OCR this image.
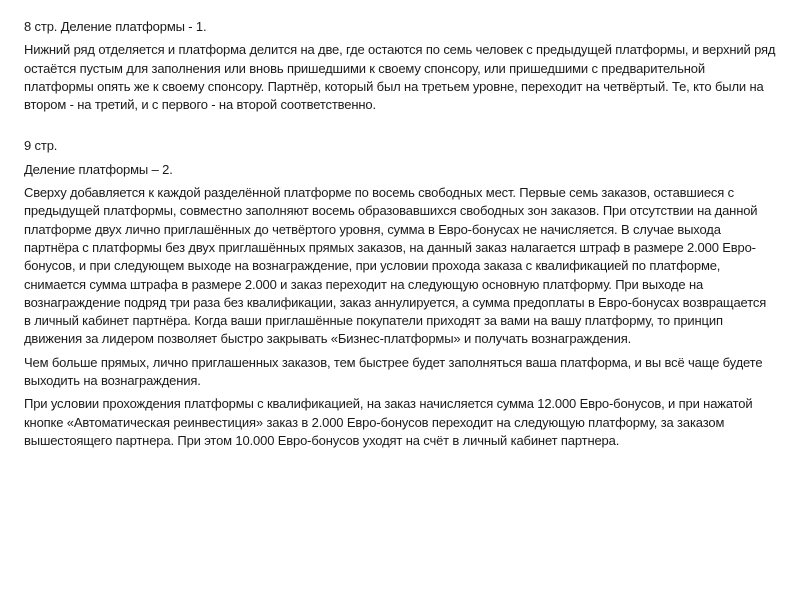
8 стр. Деление платформы - 1.

Нижний ряд отделяется и платформа делится на две, где остаются по семь человек с предыдущей платформы, и верхний ряд остаётся пустым для заполнения или вновь пришедшими к своему спонсору, или пришедшими с предварительной платформы опять же к своему спонсору. Партнёр, который был на третьем уровне, переходит на четвёртый. Те, кто были на втором - на третий, и с первого - на второй соответственно.

9 стр.

Деление платформы – 2.

Сверху добавляется к каждой разделённой платформе по восемь свободных мест. Первые семь заказов, оставшиеся с предыдущей платформы, совместно заполняют восемь образовавшихся свободных зон заказов. При отсутствии на данной платформе двух лично приглашённых до четвёртого уровня, сумма в Евро-бонусах не начисляется. В случае выхода партнёра с платформы без двух приглашённых прямых заказов, на данный заказ налагается штраф в размере 2.000 Евро-бонусов, и при следующем выходе на вознаграждение, при условии прохода заказа с квалификацией по платформе, снимается сумма штрафа в размере 2.000 и заказ переходит на следующую основную платформу. При выходе на вознаграждение подряд три раза без квалификации, заказ аннулируется, а сумма предоплаты в Евро-бонусах возвращается в личный кабинет партнёра. Когда ваши приглашённые покупатели приходят за вами на вашу платформу, то принцип движения за лидером позволяет быстро закрывать «Бизнес-платформы» и получать вознаграждения.

Чем больше прямых, лично приглашенных заказов, тем быстрее будет заполняться ваша платформа, и вы всё чаще будете выходить на вознаграждения.

При условии прохождения платформы с квалификацией, на заказ начисляется сумма 12.000 Евро-бонусов, и при нажатой кнопке «Автоматическая реинвестиция» заказ в 2.000 Евро-бонусов переходит на следующую платформу, за заказом вышестоящего партнера. При этом 10.000 Евро-бонусов уходят на счёт в личный кабинет партнера.
